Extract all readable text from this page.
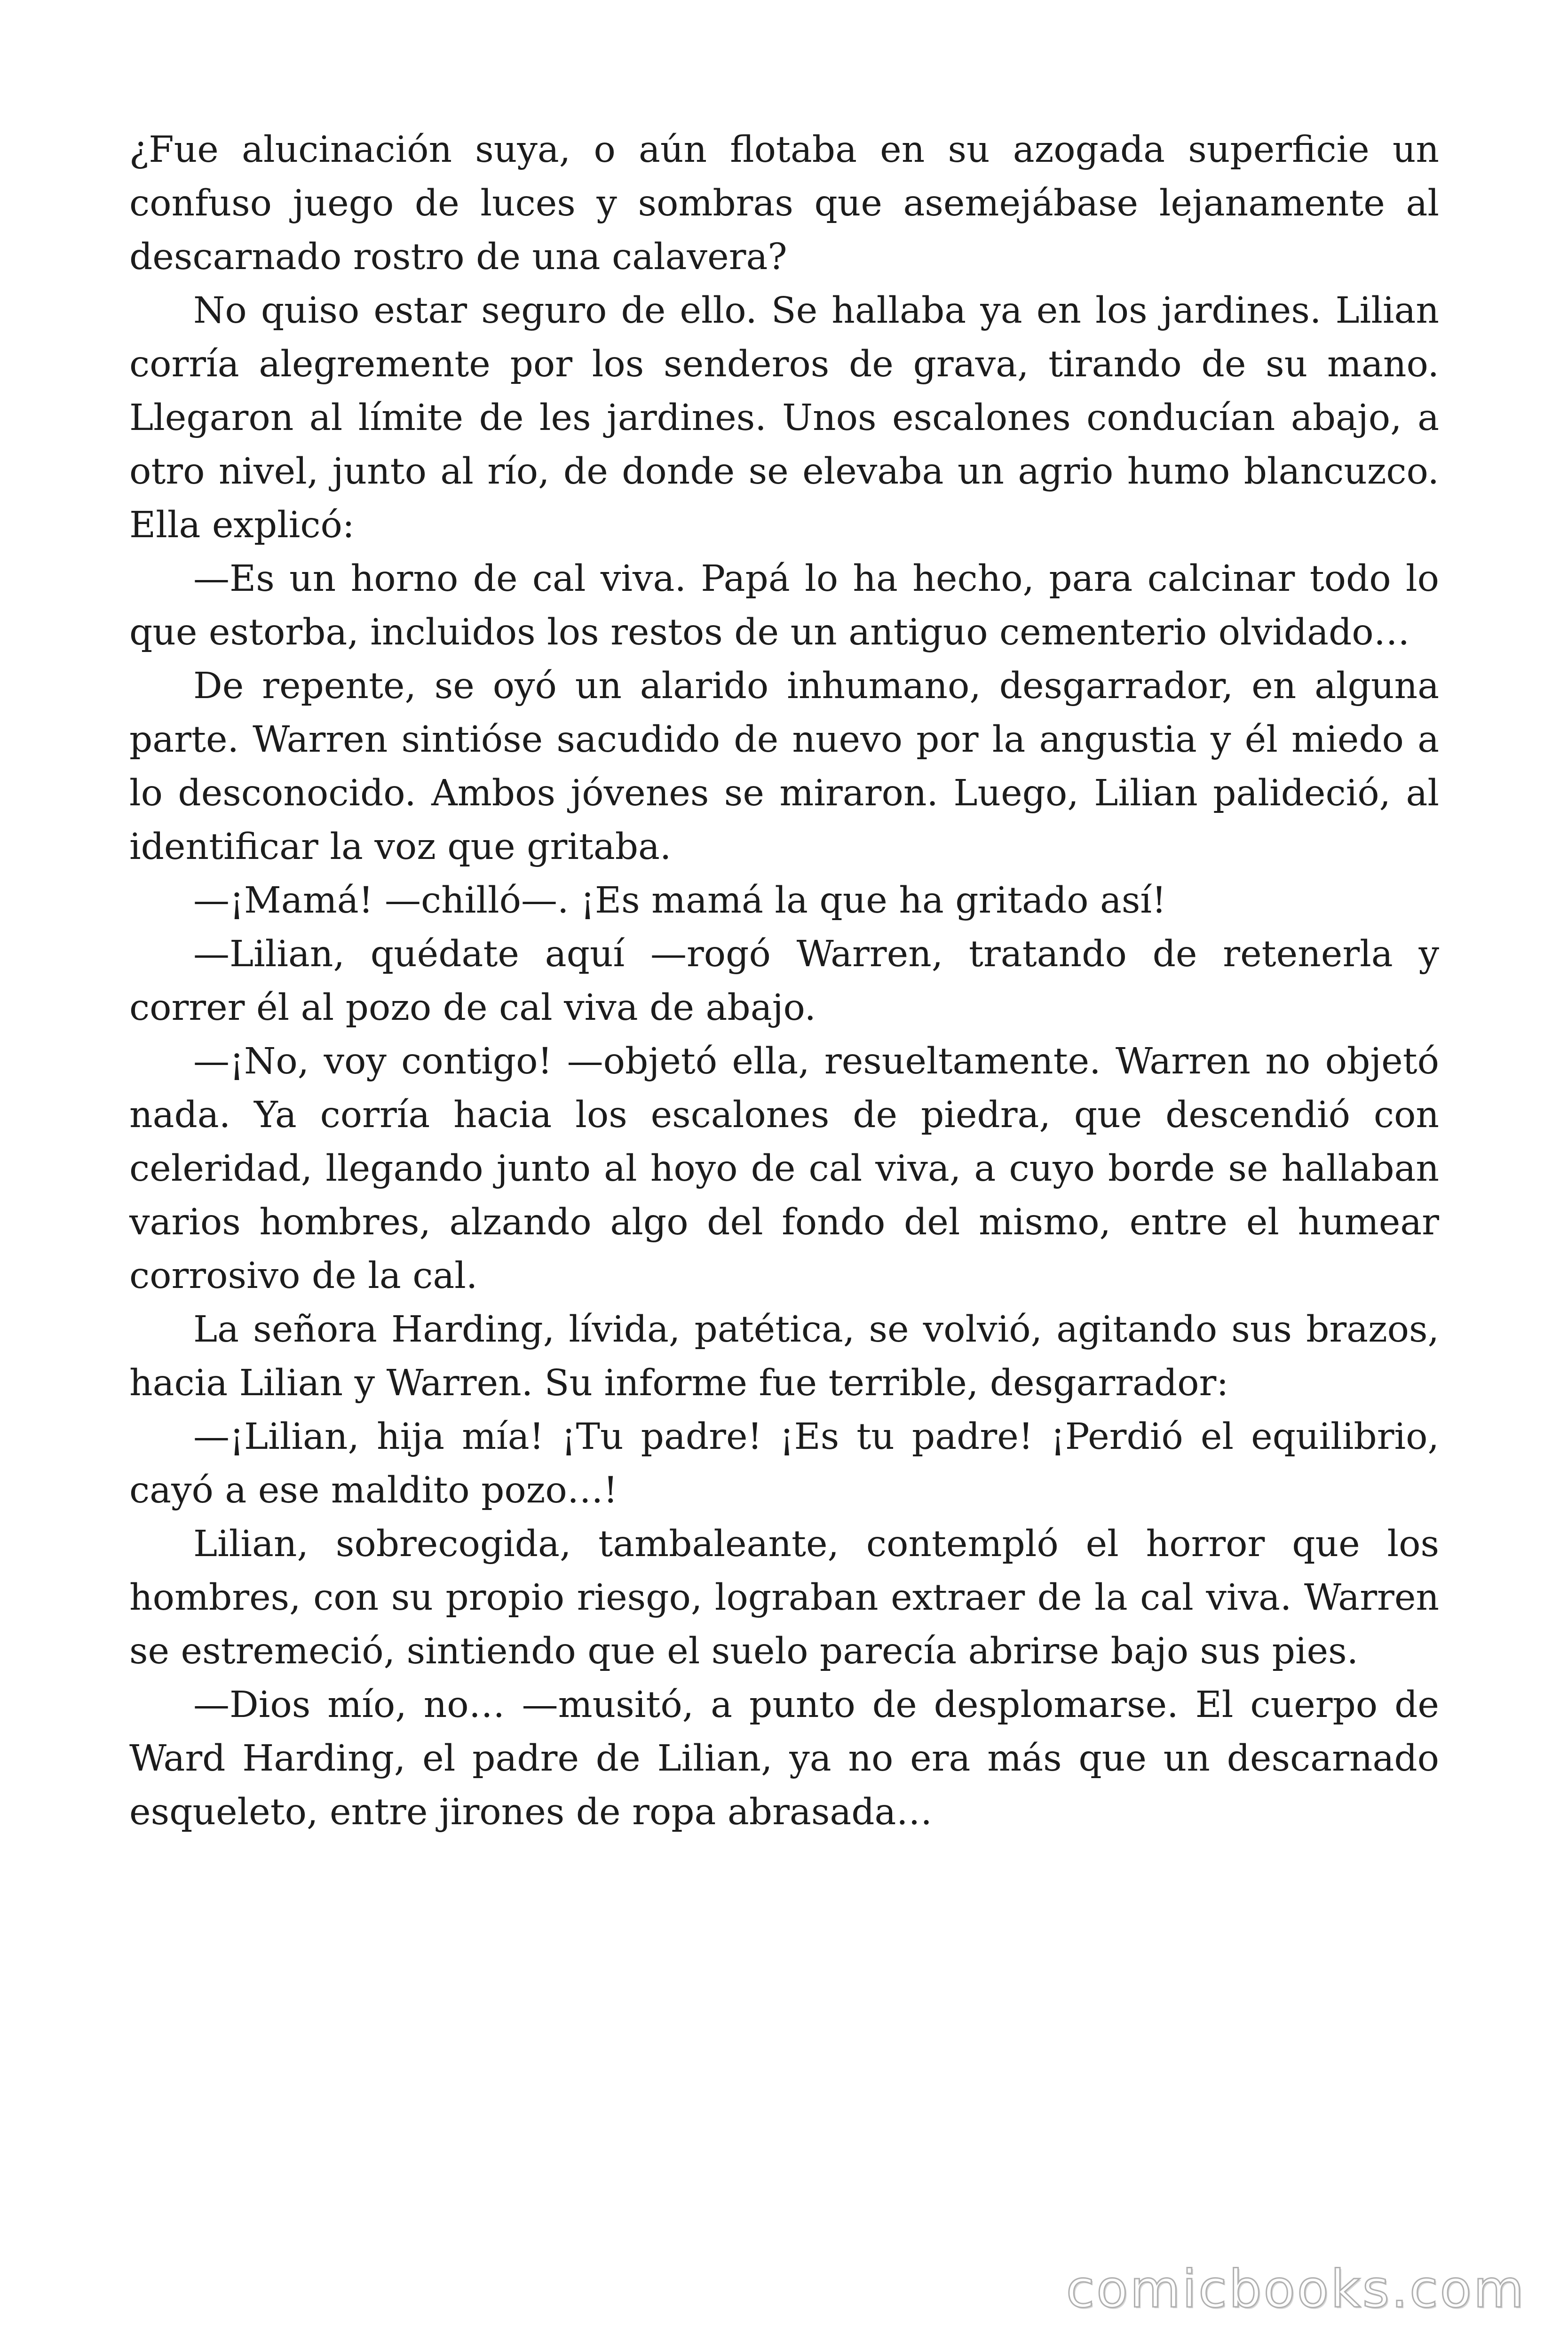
¿Fue alucinación suya, o aún flotaba en su azogada superficie un confuso juego de luces y sombras que asemejábase lejanamente al descarnado rostro de una calavera?

No quiso estar seguro de ello. Se hallaba ya en los jardines. Lilian corría alegremente por los senderos de grava, tirando de su mano. Llegaron al límite de les jardines. Unos escalones conducían abajo, a otro nivel, junto al río, de donde se elevaba un agrio humo blancuzco. Ella explicó:

—Es un horno de cal viva. Papá lo ha hecho, para calcinar todo lo que estorba, incluidos los restos de un antiguo cementerio olvidado…

De repente, se oyó un alarido inhumano, desgarrador, en alguna parte. Warren sintióse sacudido de nuevo por la angustia y él miedo a lo desconocido. Ambos jóvenes se miraron. Luego, Lilian palideció, al identificar la voz que gritaba.

—¡Mamá! —chilló—. ¡Es mamá la que ha gritado así!

—Lilian, quédate aquí —rogó Warren, tratando de retenerla y correr él al pozo de cal viva de abajo.

—¡No, voy contigo! —objetó ella, resueltamente. Warren no objetó nada. Ya corría hacia los escalones de piedra, que descendió con celeridad, llegando junto al hoyo de cal viva, a cuyo borde se hallaban varios hombres, alzando algo del fondo del mismo, entre el humear corrosivo de la cal.

La señora Harding, lívida, patética, se volvió, agitando sus brazos, hacia Lilian y Warren. Su informe fue terrible, desgarrador:

—¡Lilian, hija mía! ¡Tu padre! ¡Es tu padre! ¡Perdió el equilibrio, cayó a ese maldito pozo…!

Lilian, sobrecogida, tambaleante, contempló el horror que los hombres, con su propio riesgo, lograban extraer de la cal viva. Warren se estremeció, sintiendo que el suelo parecía abrirse bajo sus pies.

—Dios mío, no… —musitó, a punto de desplomarse. El cuerpo de Ward Harding, el padre de Lilian, ya no era más que un descarnado esqueleto, entre jirones de ropa abrasada…

comicbooks.com
